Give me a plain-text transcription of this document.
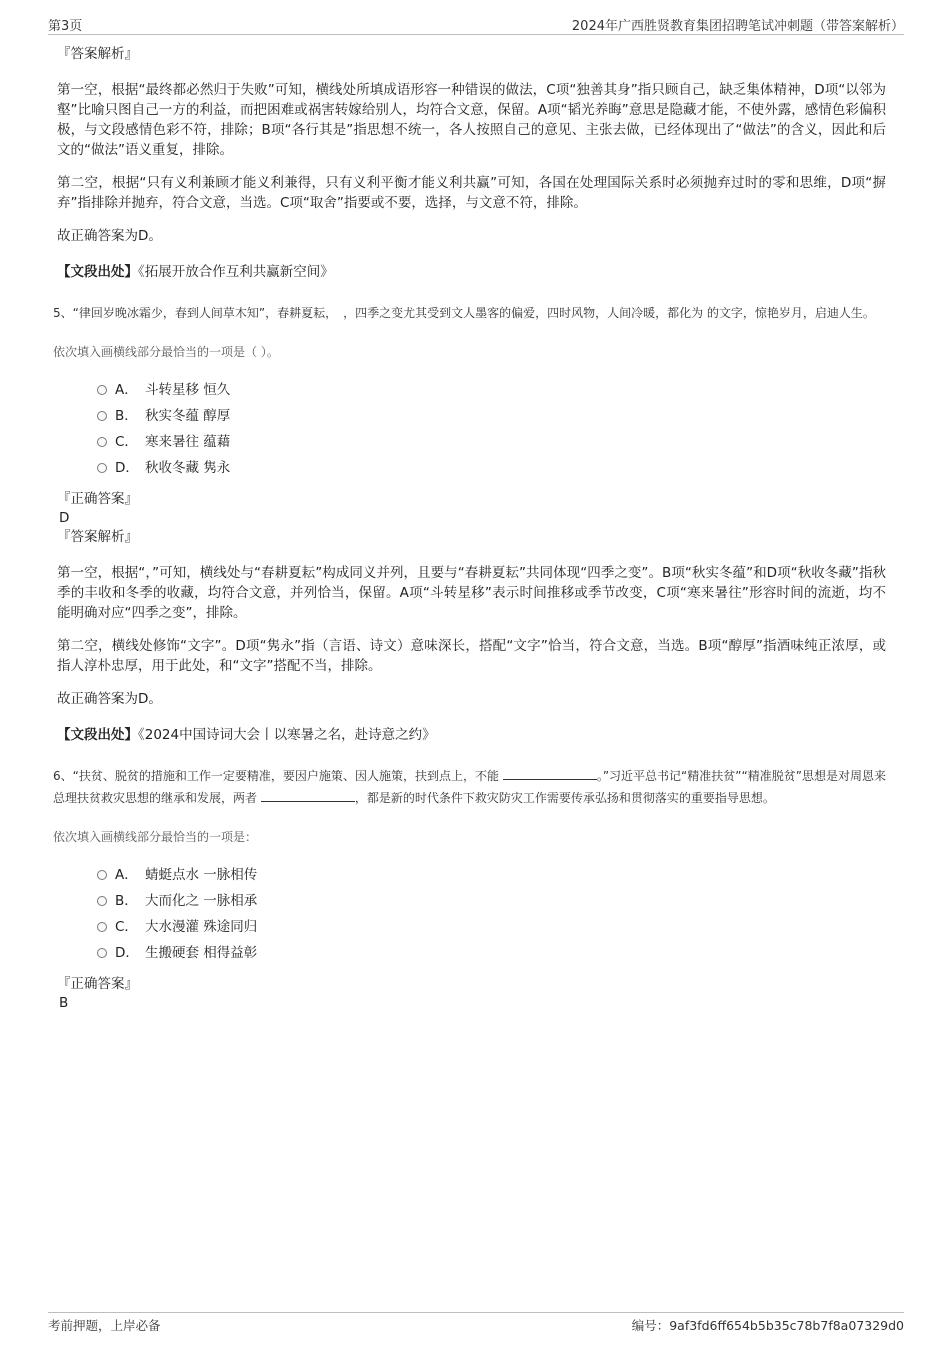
第3页	2024年广西胜贤教育集团招聘笔试冲刺题（带答案解析）
『答案解析』

第一空，根据“最终都必然归于失败”可知，横线处所填成语形容一种错误的做法，C项“独善其身”指只顾自己，缺乏集体精神，D项“以邻为壑”比喻只图自己一方的利益，而把困难或祸害转嫁给别人，均符合文意，保留。A项“韬光养晦”意思是隐藏才能，不使外露，感情色彩偏积极，与文段感情色彩不符，排除；B项“各行其是”指思想不统一，各人按照自己的意见、主张去做，已经体现出了“做法”的含义，因此和后文的“做法”语义重复，排除。

第二空，根据“只有义利兼顾才能义利兼得，只有义利平衡才能义利共赢”可知，各国在处理国际关系时必须抛弃过时的零和思维，D项“摒弃”指排除并抛弃，符合文意，当选。C项“取舍”指要或不要，选择，与文意不符，排除。

故正确答案为D。

【文段出处】《拓展开放合作互利共赢新空间》
5、“律回岁晚冰霜少，春到人间草木知”，春耕夏耘，　，四季之变尤其受到文人墨客的偏爱，四时风物，人间冷暖，都化为 的文字，惊艳岁月，启迪人生。
依次填入画横线部分最恰当的一项是（ ）。
A． 斗转星移 恒久
B． 秋实冬蕴 醇厚
C． 寒来暑往 蕴藉
D． 秋收冬藏 隽永
『正确答案』
D
『答案解析』

第一空，根据“，”可知，横线处与“春耕夏耘”构成同义并列，且要与“春耕夏耘”共同体现“四季之变”。B项“秋实冬蕴”和D项“秋收冬藏”指秋季的丰收和冬季的收藏，均符合文意，并列恰当，保留。A项“斗转星移”表示时间推移或季节改变，C项“寒来暑往”形容时间的流逝，均不能明确对应“四季之变”，排除。

第二空，横线处修饰“文字”。D项“隽永”指（言语、诗文）意味深长，搭配“文字”恰当，符合文意，当选。B项“醇厚”指酒味纯正浓厚，或指人淳朴忠厚，用于此处，和“文字”搭配不当，排除。

故正确答案为D。

【文段出处】《2024中国诗词大会丨以寒暑之名，赴诗意之约》
6、“扶贫、脱贫的措施和工作一定要精准，要因户施策、因人施策，扶到点上，不能	。”习近平总书记“精准扶贫”“精准脱贫”思想是对周恩来总理扶贫救灾思想的继承和发展，两者	，都是新的时代条件下救灾防灾工作需要传承弘扬和贯彻落实的重要指导思想。
依次填入画横线部分最恰当的一项是：
A． 蜻蜓点水 一脉相传
B． 大而化之 一脉相承
C． 大水漫灌 殊途同归
D． 生搬硬套 相得益彰
『正确答案』
B
考前押题，上岸必备	编号：9af3fd6ff654b5b35c78b7f8a07329d0
